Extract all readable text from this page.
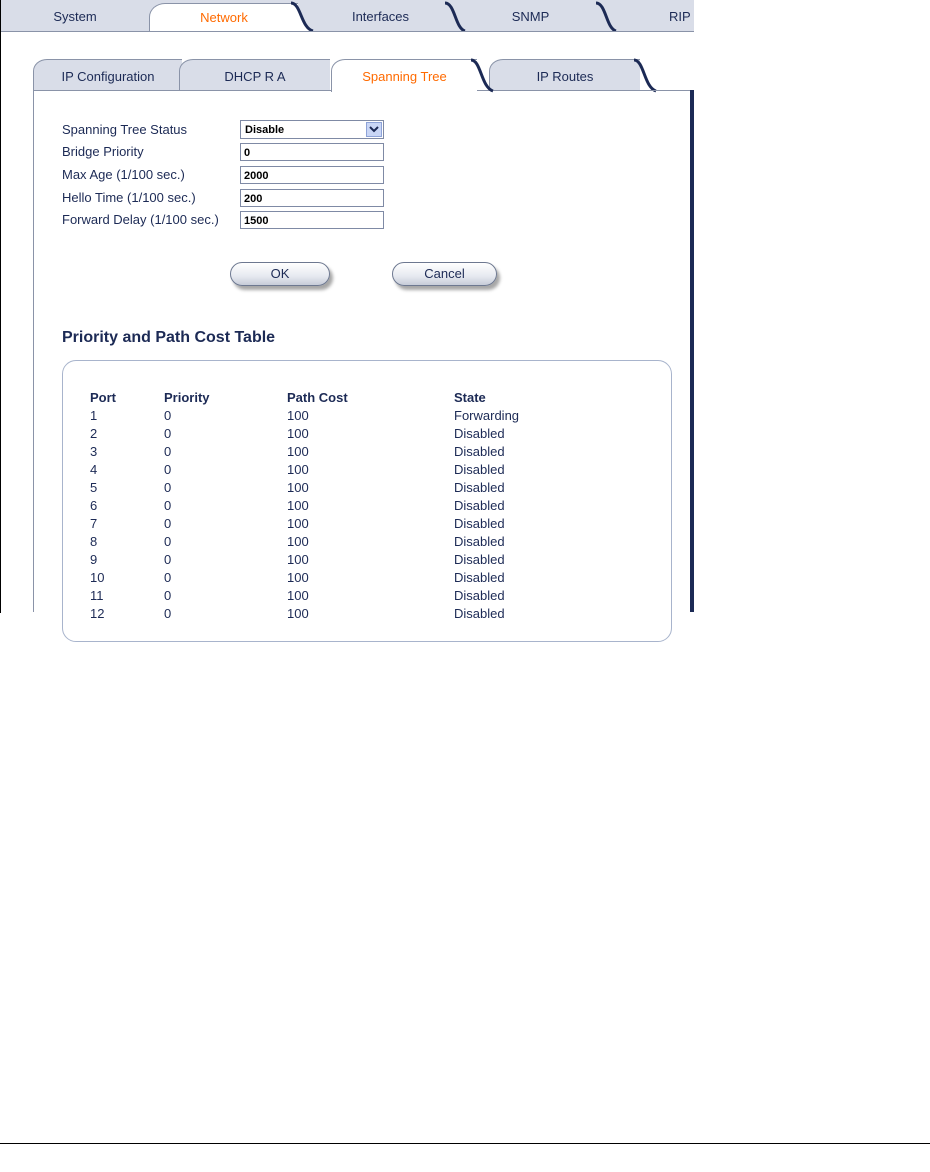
System	Network	Interfaces	SNMP	RIP
IP Configuration	DHCP R A	Spanning Tree	IP Routes
Spanning Tree Status	Disable
Bridge Priority	0
Max Age (1/100 sec.)	2000
Hello Time (1/100 sec.)	200
Forward Delay (1/100 sec.)	1500
OK	Cancel
Priority and Path Cost Table
Port	Priority	Path Cost	State
1	0	100	Forwarding
2	0	100	Disabled
3	0	100	Disabled
4	0	100	Disabled
5	0	100	Disabled
6	0	100	Disabled
7	0	100	Disabled
8	0	100	Disabled
9	0	100	Disabled
10	0	100	Disabled
11	0	100	Disabled
12	0	100	Disabled
